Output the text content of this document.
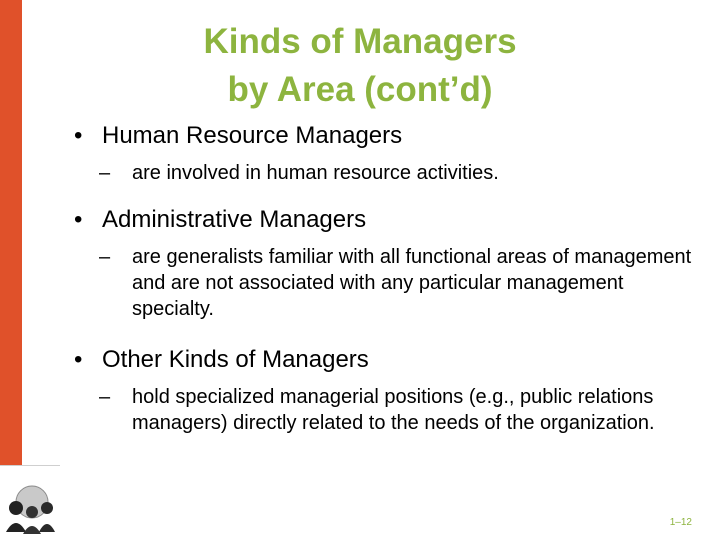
Kinds of Managers
by Area (cont’d)

• Human Resource Managers

– are involved in human resource activities.

• Administrative Managers

– are generalists familiar with all functional areas of management and are not associated with any particular management specialty.

• Other Kinds of Managers

– hold specialized managerial positions (e.g., public relations managers) directly related to the needs of the organization.

1–12
